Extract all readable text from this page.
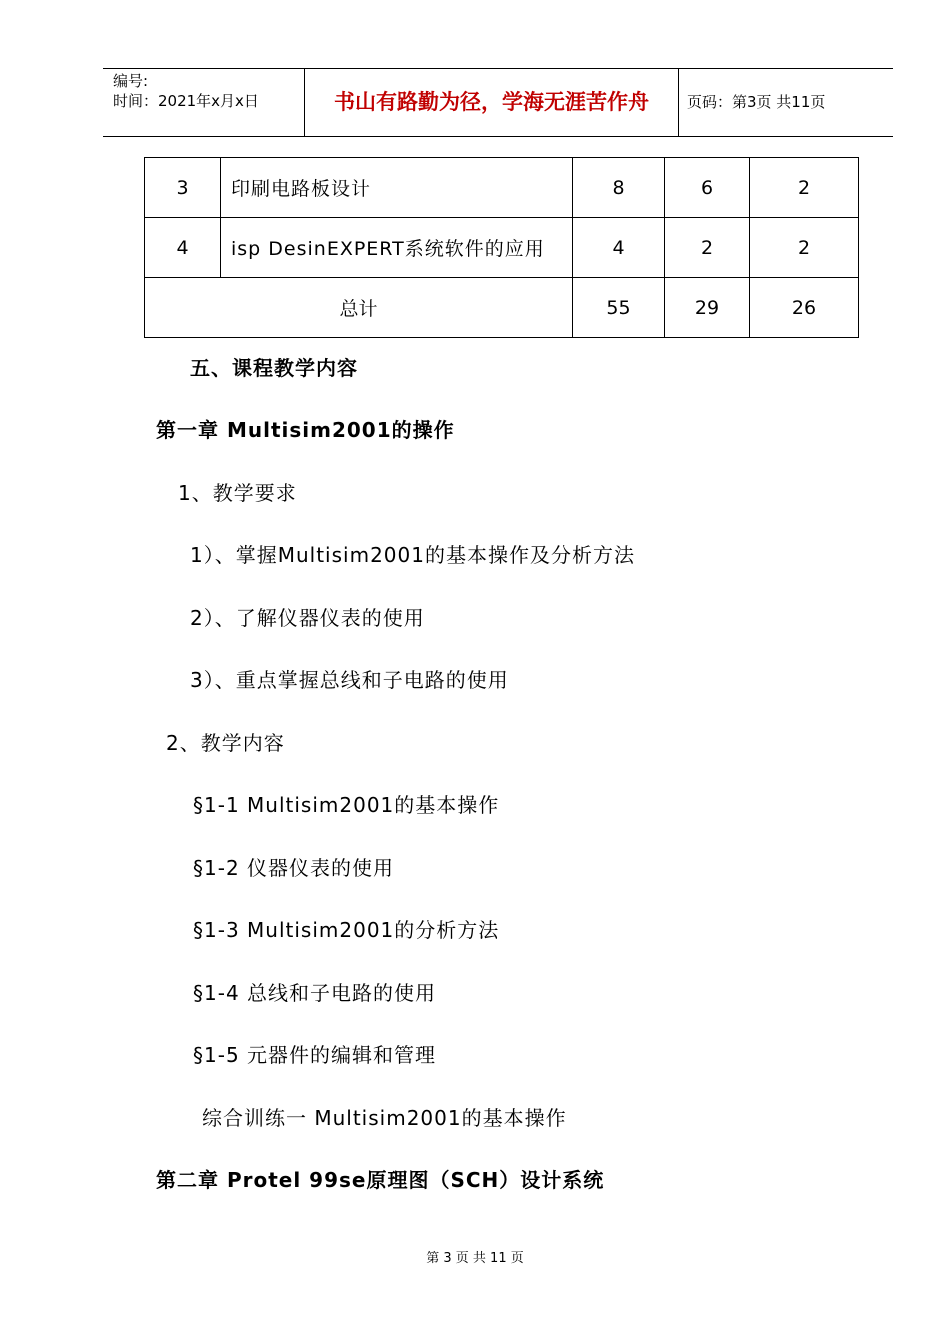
编号:
时间：2021年x月x日	书山有路勤为径，学海无涯苦作舟	页码：第3页 共11页
3	印刷电路板设计	8	6	2
4	isp DesinEXPERT系统软件的应用	4	2	2
总计		55	29	26
五、课程教学内容
第一章 Multisim2001的操作
1、教学要求
1）、掌握Multisim2001的基本操作及分析方法
2）、了解仪器仪表的使用
3）、重点掌握总线和子电路的使用
2、教学内容
§1-1 Multisim2001的基本操作
§1-2 仪器仪表的使用
§1-3 Multisim2001的分析方法
§1-4 总线和子电路的使用
§1-5 元器件的编辑和管理
综合训练一 Multisim2001的基本操作
第二章 Protel 99se原理图（SCH）设计系统
第 3 页 共 11 页
